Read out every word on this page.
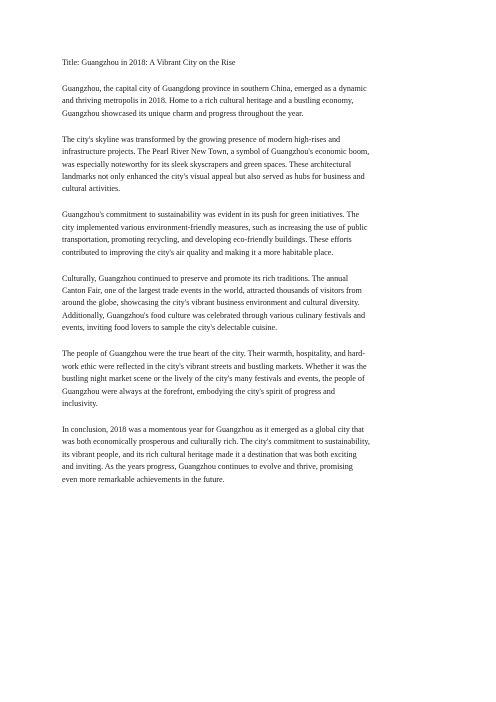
Title: Guangzhou in 2018: A Vibrant City on the Rise
Guangzhou, the capital city of Guangdong province in southern China, emerged as a dynamic
and thriving metropolis in 2018. Home to a rich cultural heritage and a bustling economy,
Guangzhou showcased its unique charm and progress throughout the year.
The city's skyline was transformed by the growing presence of modern high-rises and
infrastructure projects. The Pearl River New Town, a symbol of Guangzhou's economic boom,
was especially noteworthy for its sleek skyscrapers and green spaces. These architectural
landmarks not only enhanced the city's visual appeal but also served as hubs for business and
cultural activities.
Guangzhou's commitment to sustainability was evident in its push for green initiatives. The
city implemented various environment-friendly measures, such as increasing the use of public
transportation, promoting recycling, and developing eco-friendly buildings. These efforts
contributed to improving the city's air quality and making it a more habitable place.
Culturally, Guangzhou continued to preserve and promote its rich traditions. The annual
Canton Fair, one of the largest trade events in the world, attracted thousands of visitors from
around the globe, showcasing the city's vibrant business environment and cultural diversity.
Additionally, Guangzhou's food culture was celebrated through various culinary festivals and
events, inviting food lovers to sample the city's delectable cuisine.
The people of Guangzhou were the true heart of the city. Their warmth, hospitality, and hard-
work ethic were reflected in the city's vibrant streets and bustling markets. Whether it was the
bustling night market scene or the lively of the city's many festivals and events, the people of
Guangzhou were always at the forefront, embodying the city's spirit of progress and
inclusivity.
In conclusion, 2018 was a momentous year for Guangzhou as it emerged as a global city that
was both economically prosperous and culturally rich. The city's commitment to sustainability,
its vibrant people, and its rich cultural heritage made it a destination that was both exciting
and inviting. As the years progress, Guangzhou continues to evolve and thrive, promising
even more remarkable achievements in the future.
